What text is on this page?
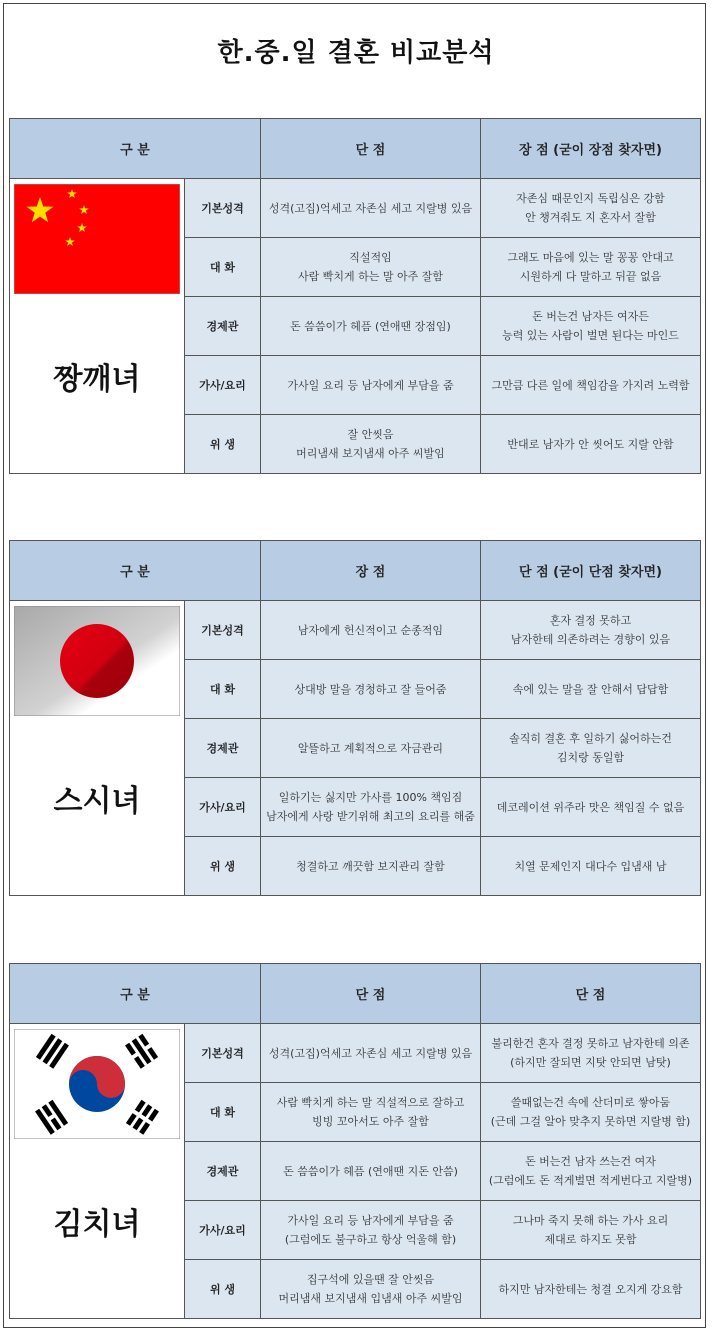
한.중.일 결혼 비교분석
구 분		단 점	장 점 (굳이 장점 찾자면)

짱깨녀	기본성격	성격(고집)억세고 자존심 세고 지랄병 있음	자존심 때문인지 독립심은 강함
안 챙겨줘도 지 혼자서 잘함

	대 화	직설적임
사람 빡치게 하는 말 아주 잘함	그래도 마음에 있는 말 꽁꽁 안대고
시원하게 다 말하고 뒤끝 없음

	경제관	돈 씀씀이가 헤픔 (연애땐 장점임)	돈 버는건 남자든 여자든
능력 있는 사람이 벌면 된다는 마인드

	가사/요리	가사일 요리 등 남자에게 부담을 줌	그만큼 다른 일에 책임감을 가지려 노력함

	위 생	잘 안씻음
머리냄새 보지냄새 아주 씨발임	반대로 남자가 안 씻어도 지랄 안함
구 분		장 점	단 점 (굳이 단점 찾자면)

스시녀	기본성격	남자에게 헌신적이고 순종적임	혼자 결정 못하고
남자한테 의존하려는 경향이 있음

	대 화	상대방 말을 경청하고 잘 들어줌	속에 있는 말을 잘 안해서 답답함

	경제관	알뜰하고 계획적으로 자금관리	솔직히 결혼 후 일하기 싫어하는건
김치랑 동일함

	가사/요리	일하기는 싫지만 가사를 100% 책임짐
남자에게 사랑 받기위해 최고의 요리를 해줌	데코레이션 위주라 맛은 책임질 수 없음

	위 생	청결하고 깨끗함 보지관리 잘함	치열 문제인지 대다수 입냄새 남
구 분		단 점	단 점

김치녀	기본성격	성격(고집)억세고 자존심 세고 지랄병 있음	불리한건 혼자 결정 못하고 남자한테 의존
(하지만 잘되면 지탓 안되면 남탓)

	대 화	사람 빡치게 하는 말 직설적으로 잘하고
빙빙 꼬아서도 아주 잘함	쓸때없는건 속에 산더미로 쌓아둠
(근데 그걸 알아 맞추지 못하면 지랄병 함)

	경제관	돈 씀씀이가 헤픔 (연애땐 지돈 안씀)	돈 버는건 남자 쓰는건 여자
(그럼에도 돈 적게벌면 적게번다고 지랄병)

	가사/요리	가사일 요리 등 남자에게 부담을 줌
(그럼에도 불구하고 항상 억울해 함)	그나마 죽지 못해 하는 가사 요리
제대로 하지도 못함

	위 생	집구석에 있을땐 잘 안씻음
머리냄새 보지냄새 입냄새 아주 씨발임	하지만 남자한테는 청결 오지게 강요함
